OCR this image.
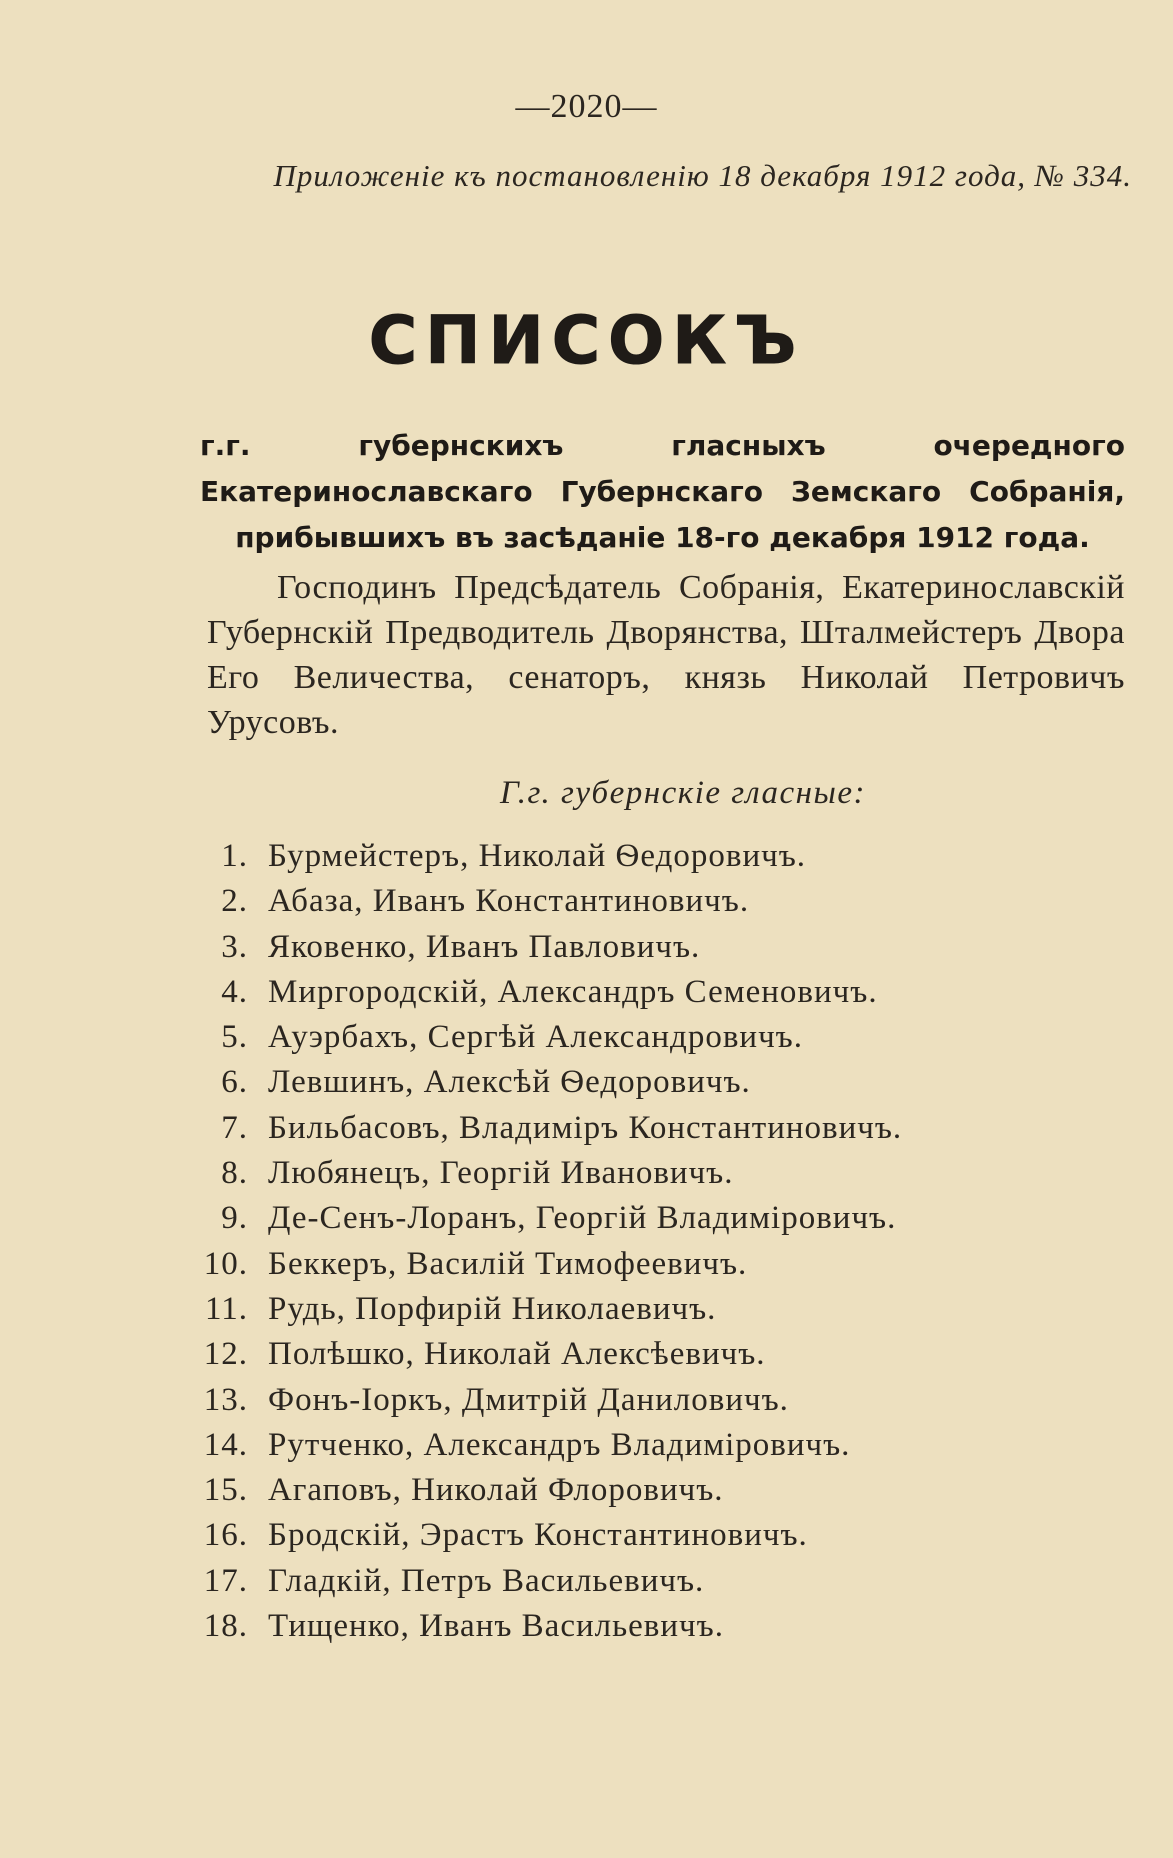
—2020—
Приложеніе къ постановленію 18 декабря 1912 года, № 334.
СПИСОКЪ
г.г. губернскихъ гласныхъ очередного Екатеринославскаго Губернскаго Земскаго Собранія, прибывшихъ въ засѣданіе 18-го декабря 1912 года.
Господинъ Предсѣдатель Собранія, Екатеринославскій Губернскій Предводитель Дворянства, Шталмейстеръ Двора Его Величества, сенаторъ, князь Николай Петровичъ Урусовъ.
Г.г. губернскіе гласные:
1. Бурмейстеръ, Николай Ѳедоровичъ.
2. Абаза, Иванъ Константиновичъ.
3. Яковенко, Иванъ Павловичъ.
4. Миргородскій, Александръ Семеновичъ.
5. Ауэрбахъ, Сергѣй Александровичъ.
6. Левшинъ, Алексѣй Ѳедоровичъ.
7. Бильбасовъ, Владиміръ Константиновичъ.
8. Любянецъ, Георгій Ивановичъ.
9. Де-Сенъ-Лоранъ, Георгій Владиміровичъ.
10. Беккеръ, Василій Тимофеевичъ.
11. Рудь, Порфирій Николаевичъ.
12. Полѣшко, Николай Алексѣевичъ.
13. Фонъ-Іоркъ, Дмитрій Даниловичъ.
14. Рутченко, Александръ Владиміровичъ.
15. Агаповъ, Николай Флоровичъ.
16. Бродскій, Эрастъ Константиновичъ.
17. Гладкій, Петръ Васильевичъ.
18. Тищенко, Иванъ Васильевичъ.
